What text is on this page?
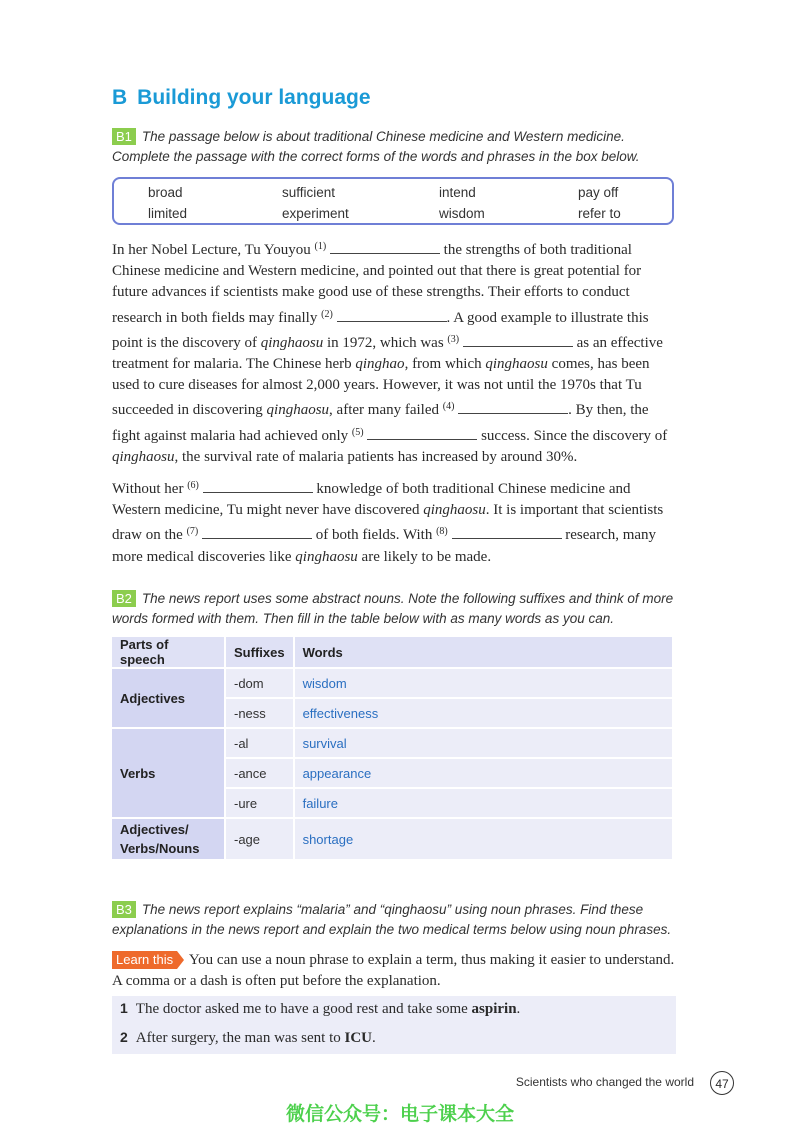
B Building your language
B1 The passage below is about traditional Chinese medicine and Western medicine.
Complete the passage with the correct forms of the words and phrases in the box below.
broad	sufficient	intend	pay off
limited	experiment	wisdom	refer to

In her Nobel Lecture, Tu Youyou $^{(1)}$	the strengths of both traditional Chinese medicine and Western medicine, and pointed out that there is great potential for future advances if scientists make good use of these strengths. Their efforts to conduct research in both fields may finally $^{(2)}$	. A good example to illustrate this point is the discovery of qinghaosu in 1972, which was $^{(3)}$	as an effective treatment for malaria. The Chinese herb qinghao, from which qinghaosu comes, has been used to cure diseases for almost 2,000 years. However, it was not until the 1970s that Tu succeeded in discovering qinghaosu, after many failed $^{(4)}$	. By then, the fight against malaria had achieved only $^{(5)}$	success. Since the discovery of qinghaosu, the survival rate of malaria patients has increased by around 30%.

Without her $^{(6)}$	knowledge of both traditional Chinese medicine and Western medicine, Tu might never have discovered qinghaosu. It is important that scientists draw on the $^{(7)}$	of both fields. With $^{(8)}$	research, many more medical discoveries like qinghaosu are likely to be made.

B2 The news report uses some abstract nouns. Note the following suffixes and think of more
words formed with them. Then fill in the table below with as many words as you can.
Parts of speech	Suffixes	Words
Adjectives	-dom	wisdom
	-ness	effectiveness
Verbs	-al	survival
	-ance	appearance
	-ure	failure
Adjectives/
Verbs/Nouns	-age	shortage
B3 The news report explains “malaria” and “qinghaosu” using noun phrases. Find these
explanations in the news report and explain the two medical terms below using noun phrases.
Learn this You can use a noun phrase to explain a term, thus making it easier to understand. A comma or a dash is often put before the explanation.
1 The doctor asked me to have a good rest and take some aspirin.
2 After surgery, the man was sent to ICU.
Scientists who changed the world	47
微信公众号：电子课本大全
